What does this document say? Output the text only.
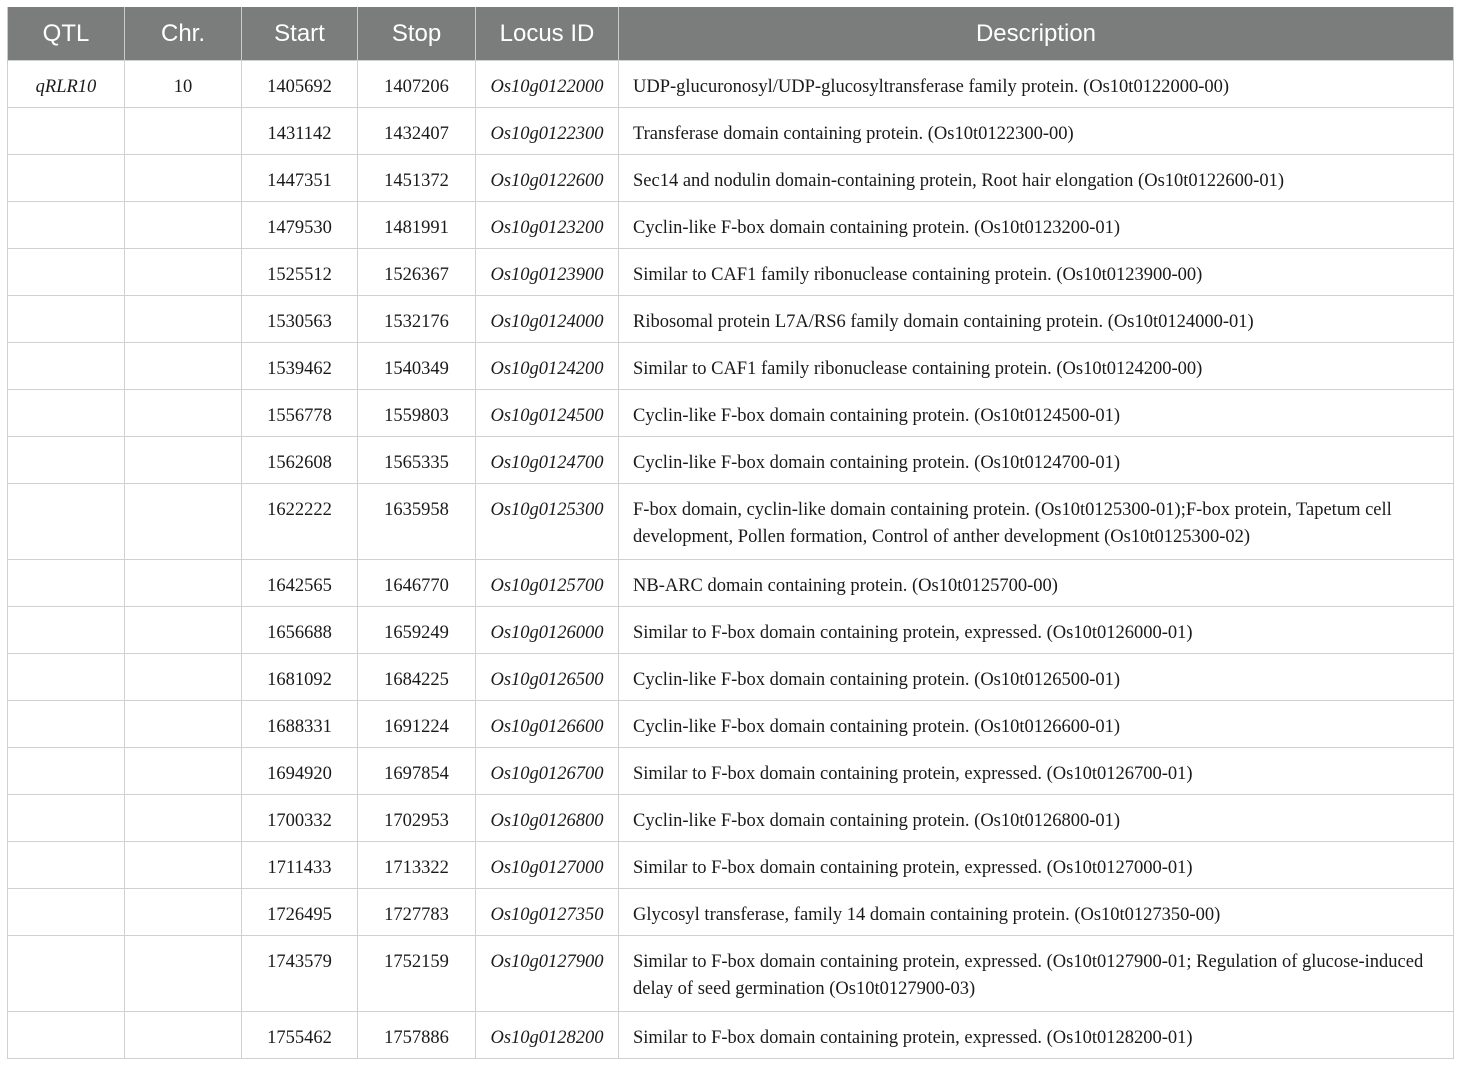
QTL	Chr.	Start	Stop	Locus ID	Description
qRLR10	10	1405692	1407206	Os10g0122000	UDP-glucuronosyl/UDP-glucosyltransferase family protein. (Os10t0122000-00)
		1431142	1432407	Os10g0122300	Transferase domain containing protein. (Os10t0122300-00)
		1447351	1451372	Os10g0122600	Sec14 and nodulin domain-containing protein, Root hair elongation (Os10t0122600-01)
		1479530	1481991	Os10g0123200	Cyclin-like F-box domain containing protein. (Os10t0123200-01)
		1525512	1526367	Os10g0123900	Similar to CAF1 family ribonuclease containing protein. (Os10t0123900-00)
		1530563	1532176	Os10g0124000	Ribosomal protein L7A/RS6 family domain containing protein. (Os10t0124000-01)
		1539462	1540349	Os10g0124200	Similar to CAF1 family ribonuclease containing protein. (Os10t0124200-00)
		1556778	1559803	Os10g0124500	Cyclin-like F-box domain containing protein. (Os10t0124500-01)
		1562608	1565335	Os10g0124700	Cyclin-like F-box domain containing protein. (Os10t0124700-01)
		1622222	1635958	Os10g0125300	F-box domain, cyclin-like domain containing protein. (Os10t0125300-01);F-box protein, Tapetum cell development, Pollen formation, Control of anther development (Os10t0125300-02)
		1642565	1646770	Os10g0125700	NB-ARC domain containing protein. (Os10t0125700-00)
		1656688	1659249	Os10g0126000	Similar to F-box domain containing protein, expressed. (Os10t0126000-01)
		1681092	1684225	Os10g0126500	Cyclin-like F-box domain containing protein. (Os10t0126500-01)
		1688331	1691224	Os10g0126600	Cyclin-like F-box domain containing protein. (Os10t0126600-01)
		1694920	1697854	Os10g0126700	Similar to F-box domain containing protein, expressed. (Os10t0126700-01)
		1700332	1702953	Os10g0126800	Cyclin-like F-box domain containing protein. (Os10t0126800-01)
		1711433	1713322	Os10g0127000	Similar to F-box domain containing protein, expressed. (Os10t0127000-01)
		1726495	1727783	Os10g0127350	Glycosyl transferase, family 14 domain containing protein. (Os10t0127350-00)
		1743579	1752159	Os10g0127900	Similar to F-box domain containing protein, expressed. (Os10t0127900-01; Regulation of glucose-induced delay of seed germination (Os10t0127900-03)
		1755462	1757886	Os10g0128200	Similar to F-box domain containing protein, expressed. (Os10t0128200-01)
